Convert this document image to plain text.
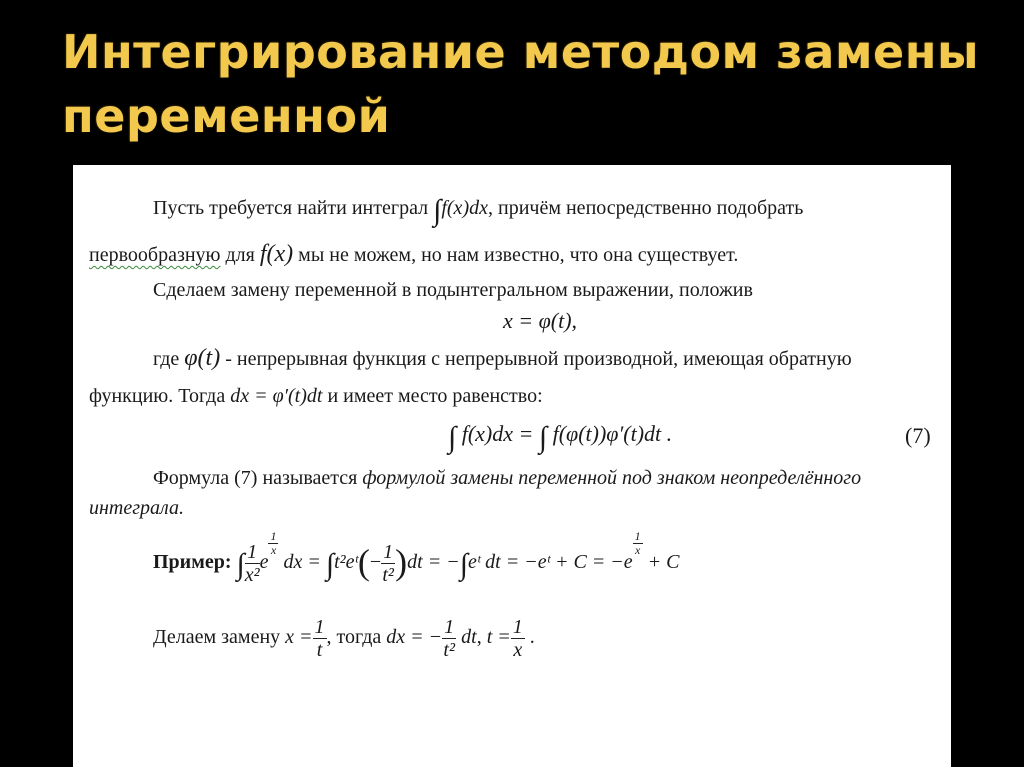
Интегрирование методом замены переменной
Пусть требуется найти интеграл ∫f(x)dx, причём непосредственно подобрать
первообразную для f(x) мы не можем, но нам известно, что она существует.
Сделаем замену переменной в подынтегральном выражении, положив
x = φ(t),
где φ(t) - непрерывная функция с непрерывной производной, имеющая обратную
функцию. Тогда dx = φ′(t)dt и имеет место равенство:
∫ f(x)dx = ∫ f(φ(t))φ′(t)dt .	(7)
Формула (7) называется формулой замены переменной под знаком неопределённого
интеграла.
Пример: ∫ $\frac{1}{\text{x²}}$ e
$^{\frac{1}{x}}$
dx = ∫t²eᵗ(− $\frac{1}{\text{t²}} )dt$ = −∫eᵗ dt = −eᵗ + C = −e
$^{\frac{1}{x}}$
+ C
Делаем замену $x = \frac{1}{t}$ , тогда dx = − $\frac{1}{\text{t²}}$ dt, $t = \frac{1}{x}$ .
